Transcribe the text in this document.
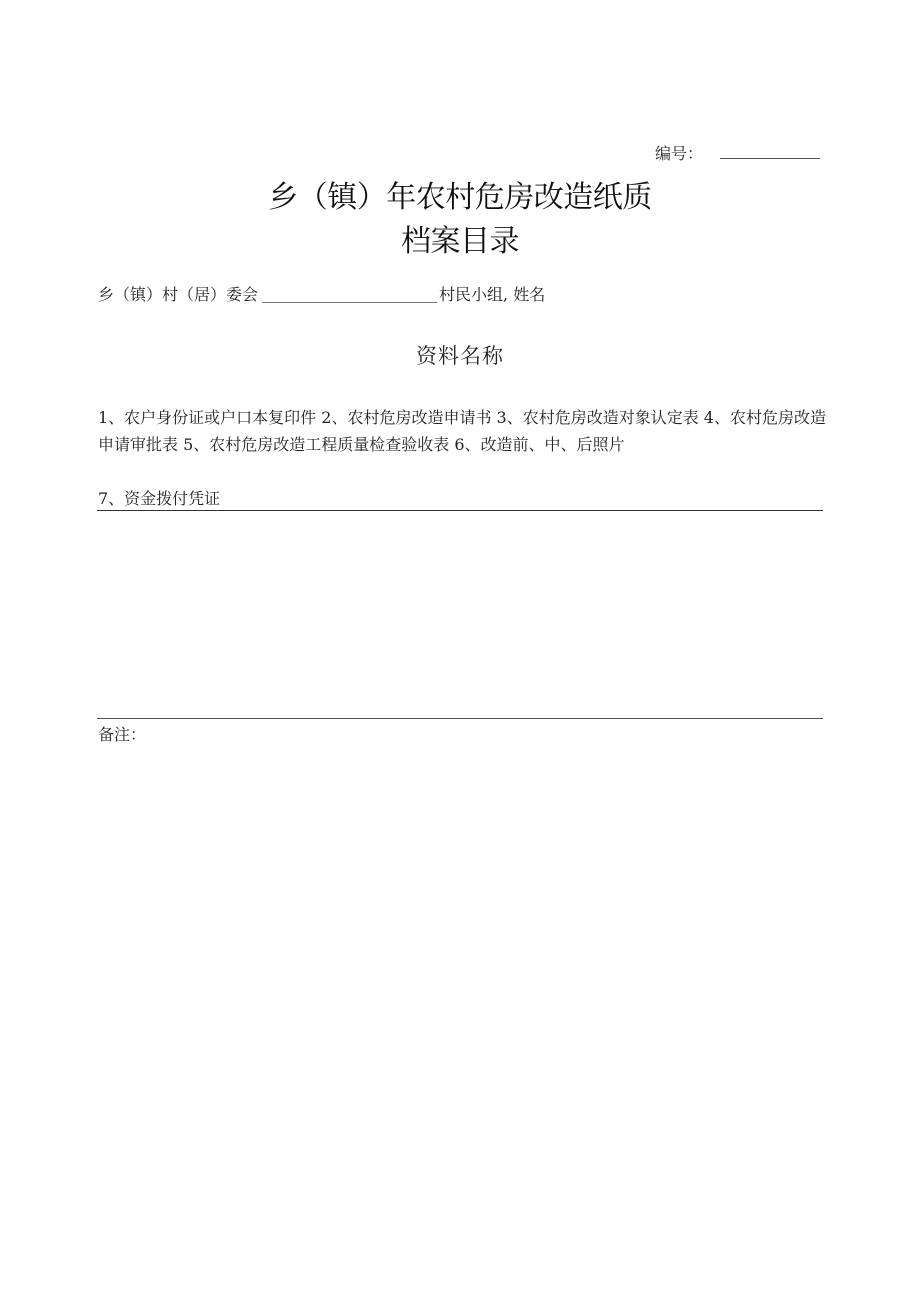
编号：
乡（镇）年农村危房改造纸质
档案目录
乡（镇）村（居）委会	村民小组, 姓名
资料名称
1、农户身份证或户口本复印件 2、农村危房改造申请书 3、农村危房改造对象认定表 4、农村危房改造申请审批表 5、农村危房改造工程质量检查验收表 6、改造前、中、后照片
7、资金拨付凭证
备注：
